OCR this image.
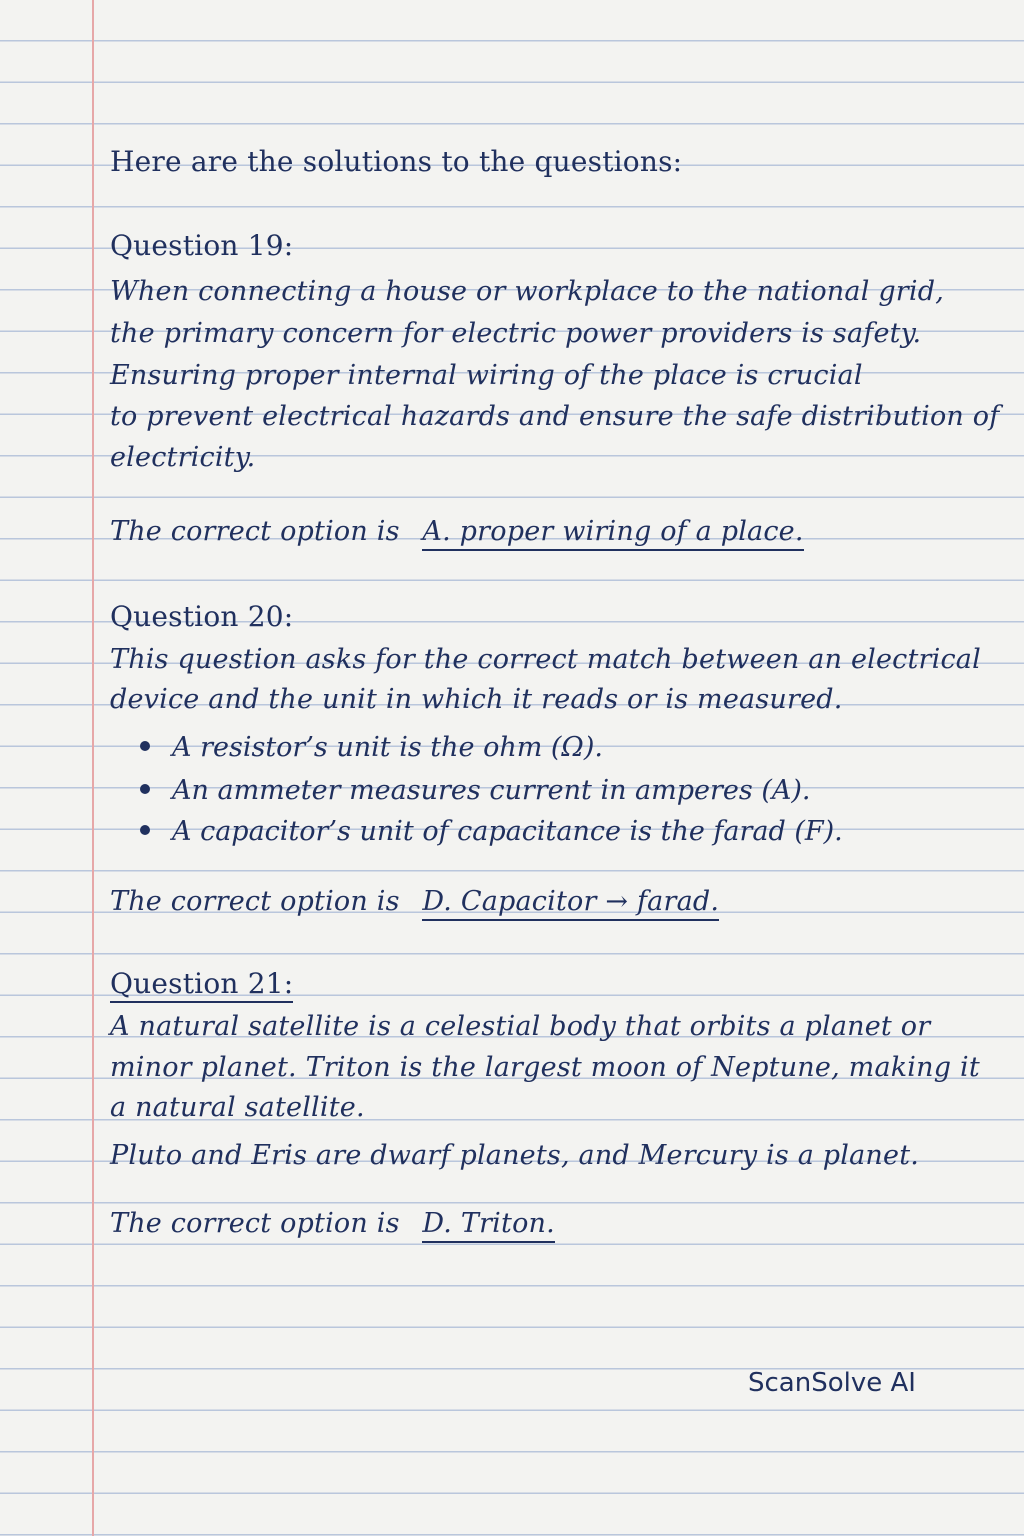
Here are the solutions to the questions:
Question 19:
When connecting a house or workplace to the national grid,
the primary concern for electric power providers is safety.
Ensuring proper internal wiring of the place is crucial
to prevent electrical hazards and ensure the safe distribution of
electricity.
The correct option is A. proper wiring of a place.
Question 20:
This question asks for the correct match between an electrical
device and the unit in which it reads or is measured.
A resistor’s unit is the ohm (Ω).
An ammeter measures current in amperes (A).
A capacitor’s unit of capacitance is the farad (F).
The correct option is D. Capacitor → farad.
Question 21:
A natural satellite is a celestial body that orbits a planet or
minor planet. Triton is the largest moon of Neptune, making it
a natural satellite.
Pluto and Eris are dwarf planets, and Mercury is a planet.
The correct option is D. Triton.
ScanSolve AI
